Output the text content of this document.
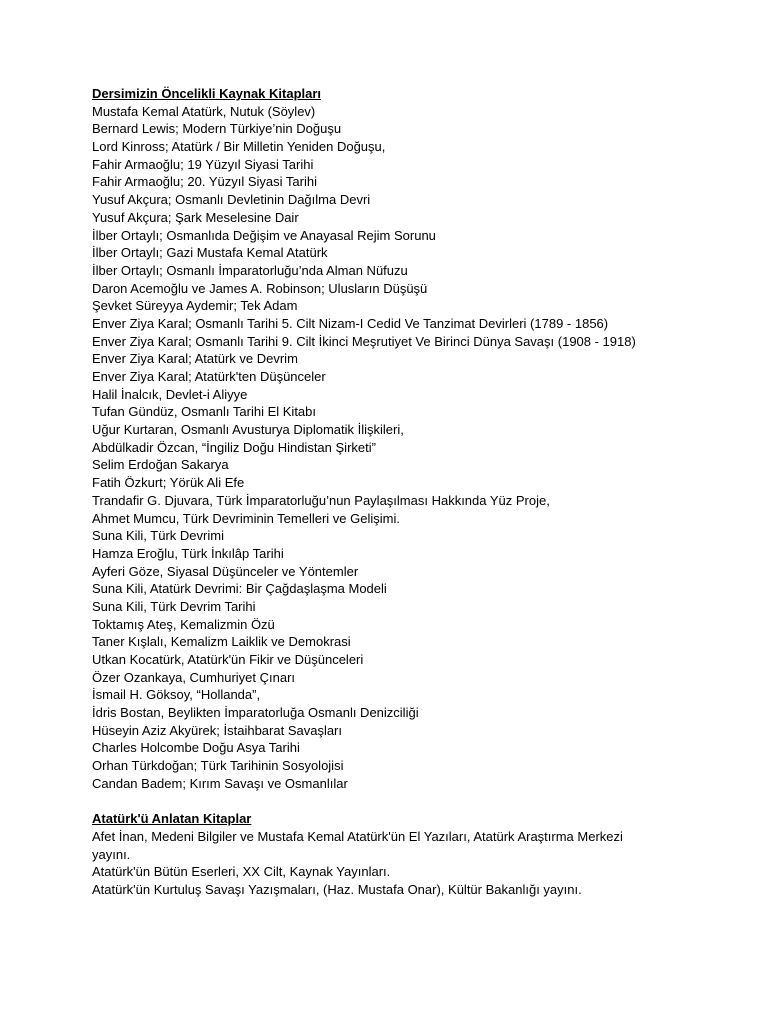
Dersimizin Öncelikli Kaynak Kitapları
Mustafa Kemal Atatürk, Nutuk (Söylev)
Bernard Lewis; Modern Türkiye’nin Doğuşu
Lord Kinross; Atatürk / Bir Milletin Yeniden Doğuşu,
Fahir Armaoğlu; 19 Yüzyıl Siyasi Tarihi
Fahir Armaoğlu; 20. Yüzyıl Siyasi Tarihi
Yusuf Akçura; Osmanlı Devletinin Dağılma Devri
Yusuf Akçura; Şark Meselesine Dair
İlber Ortaylı; Osmanlıda Değişim ve Anayasal Rejim Sorunu
İlber Ortaylı; Gazi Mustafa Kemal Atatürk
İlber Ortaylı; Osmanlı İmparatorluğu’nda Alman Nüfuzu
Daron Acemoğlu ve James A. Robinson; Ulusların Düşüşü
Şevket Süreyya Aydemir; Tek Adam
Enver Ziya Karal; Osmanlı Tarihi 5. Cilt Nizam-I Cedid Ve Tanzimat Devirleri (1789 - 1856)
Enver Ziya Karal; Osmanlı Tarihi 9. Cilt İkinci Meşrutiyet Ve Birinci Dünya Savaşı (1908 - 1918)
Enver Ziya Karal; Atatürk ve Devrim
Enver Ziya Karal; Atatürk'ten Düşünceler
Halil İnalcık, Devlet-i Aliyye
Tufan Gündüz, Osmanlı Tarihi El Kitabı
Uğur Kurtaran, Osmanlı Avusturya Diplomatik İlişkileri,
Abdülkadir Özcan, “İngiliz Doğu Hindistan Şirketi”
Selim Erdoğan Sakarya
Fatih Özkurt; Yörük Ali Efe
Trandafir G. Djuvara, Türk İmparatorluğu’nun Paylaşılması Hakkında Yüz Proje,
Ahmet Mumcu, Türk Devriminin Temelleri ve Gelişimi.
Suna Kili, Türk Devrimi
Hamza Eroğlu, Türk İnkılâp Tarihi
Ayferi Göze, Siyasal Düşünceler ve Yöntemler
Suna Kili, Atatürk Devrimi: Bir Çağdaşlaşma Modeli
Suna Kili, Türk Devrim Tarihi
Toktamış Ateş, Kemalizmin Özü
Taner Kışlalı, Kemalizm Laiklik ve Demokrasi
Utkan Kocatürk, Atatürk'ün Fikir ve Düşünceleri
Özer Ozankaya, Cumhuriyet Çınarı
İsmail H. Göksoy, “Hollanda”,
İdris Bostan, Beylikten İmparatorluğa Osmanlı Denizciliği
Hüseyin Aziz Akyürek; İstaihbarat Savaşları
Charles Holcombe Doğu Asya Tarihi
Orhan Türkdoğan; Türk Tarihinin Sosyolojisi
Candan Badem; Kırım Savaşı ve Osmanlılar
Atatürk'ü Anlatan Kitaplar
Afet İnan, Medeni Bilgiler ve Mustafa Kemal Atatürk'ün El Yazıları, Atatürk Araştırma Merkezi
yayını.
Atatürk'ün Bütün Eserleri, XX Cilt, Kaynak Yayınları.
Atatürk'ün Kurtuluş Savaşı Yazışmaları, (Haz. Mustafa Onar), Kültür Bakanlığı yayını.
